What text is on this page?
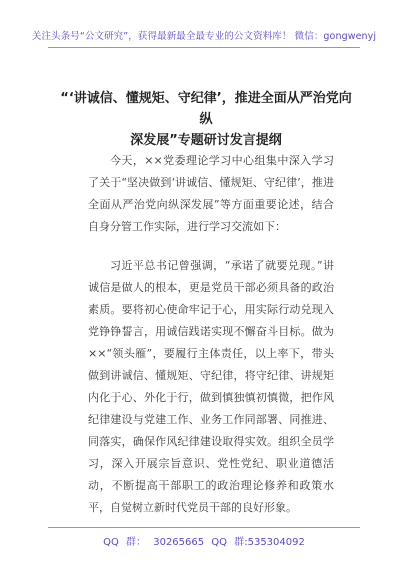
关注头条号“公文研究”，获得最新最全最专业的公文资料库！ 微信：gongwenyj
“‘讲诚信、懂规矩、守纪律’，推进全面从严治党向纵
深发展”专题研讨发言提纲

今天，××党委理论学习中心组集中深入学习了关于“坚决做到‘讲诚信、懂规矩、守纪律’，推进全面从严治党向纵深发展”等方面重要论述，结合自身分管工作实际，进行学习交流如下：

习近平总书记曾强调，“承诺了就要兑现。”讲诚信是做人的根本，更是党员干部必须具备的政治素质。要将初心使命牢记于心，用实际行动兑现入党铮铮誓言，用诚信践诺实现不懈奋斗目标。做为××“领头雁”，要履行主体责任，以上率下，带头做到讲诚信、懂规矩、守纪律，将守纪律、讲规矩内化于心、外化于行，做到慎独慎初慎微，把作风纪律建设与党建工作、业务工作同部署、同推进、同落实，确保作风纪律建设取得实效。组织全员学习，深入开展宗旨意识、党性党纪、职业道德活动，不断提高干部职工的政治理论修养和政策水平，自觉树立新时代党员干部的良好形象。

QQ 群： 30265665 QQ 群:535304092
